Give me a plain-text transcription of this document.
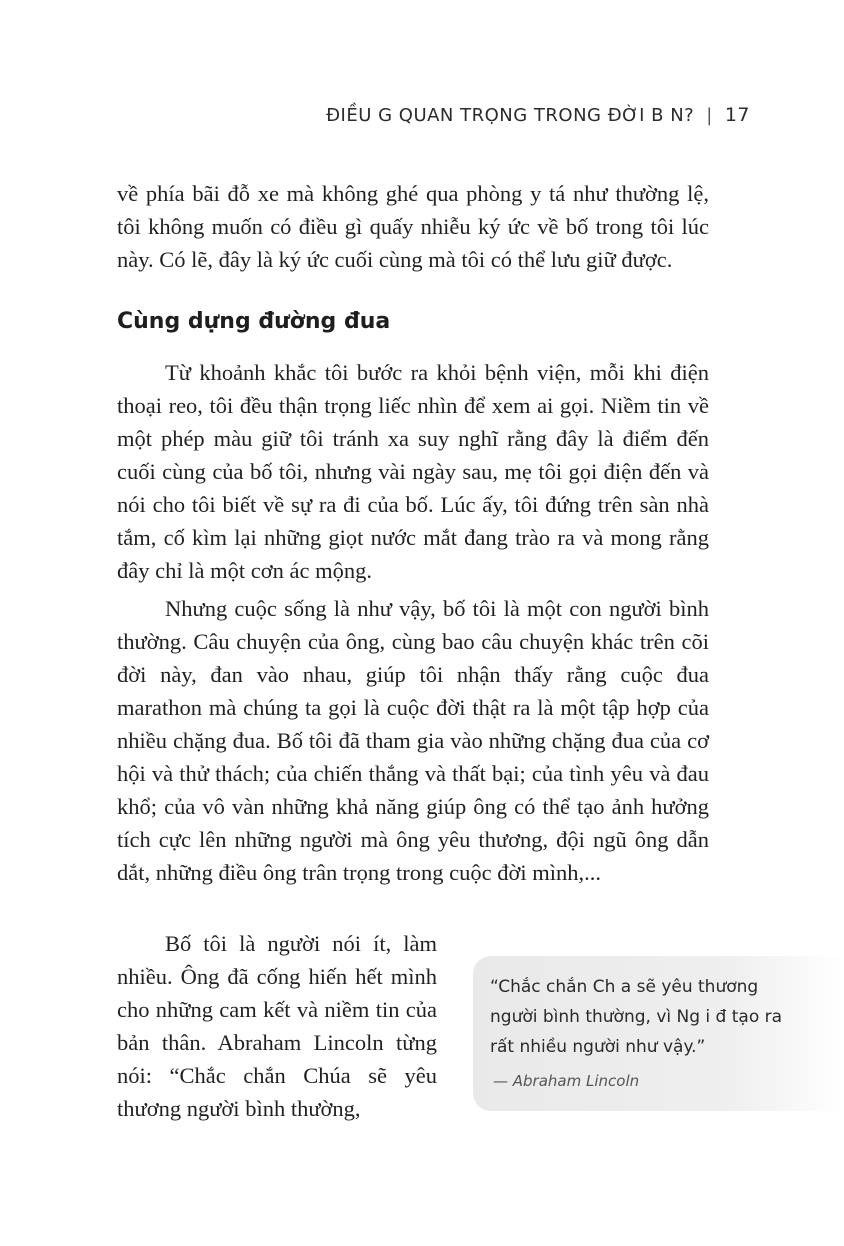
ĐIỀU G QUAN TRỌNG TRONG ĐỜI B N? | 17

về phía bãi đỗ xe mà không ghé qua phòng y tá như thường lệ, tôi không muốn có điều gì quấy nhiễu ký ức về bố trong tôi lúc này. Có lẽ, đây là ký ức cuối cùng mà tôi có thể lưu giữ được.

Cùng dựng đường đua

Từ khoảnh khắc tôi bước ra khỏi bệnh viện, mỗi khi điện thoại reo, tôi đều thận trọng liếc nhìn để xem ai gọi. Niềm tin về một phép màu giữ tôi tránh xa suy nghĩ rằng đây là điểm đến cuối cùng của bố tôi, nhưng vài ngày sau, mẹ tôi gọi điện đến và nói cho tôi biết về sự ra đi của bố. Lúc ấy, tôi đứng trên sàn nhà tắm, cố kìm lại những giọt nước mắt đang trào ra và mong rằng đây chỉ là một cơn ác mộng.

Nhưng cuộc sống là như vậy, bố tôi là một con người bình thường. Câu chuyện của ông, cùng bao câu chuyện khác trên cõi đời này, đan vào nhau, giúp tôi nhận thấy rằng cuộc đua marathon mà chúng ta gọi là cuộc đời thật ra là một tập hợp của nhiều chặng đua. Bố tôi đã tham gia vào những chặng đua của cơ hội và thử thách; của chiến thắng và thất bại; của tình yêu và đau khổ; của vô vàn những khả năng giúp ông có thể tạo ảnh hưởng tích cực lên những người mà ông yêu thương, đội ngũ ông dẫn dắt, những điều ông trân trọng trong cuộc đời mình,...

Bố tôi là người nói ít, làm nhiều. Ông đã cống hiến hết mình cho những cam kết và niềm tin của bản thân. Abraham Lincoln từng nói: “Chắc chắn Chúa sẽ yêu thương người bình thường,

“Chắc chắn Ch a sẽ yêu thương người bình thường, vì Ng i đ tạo ra rất nhiều người như vậy.”

— Abraham Lincoln
